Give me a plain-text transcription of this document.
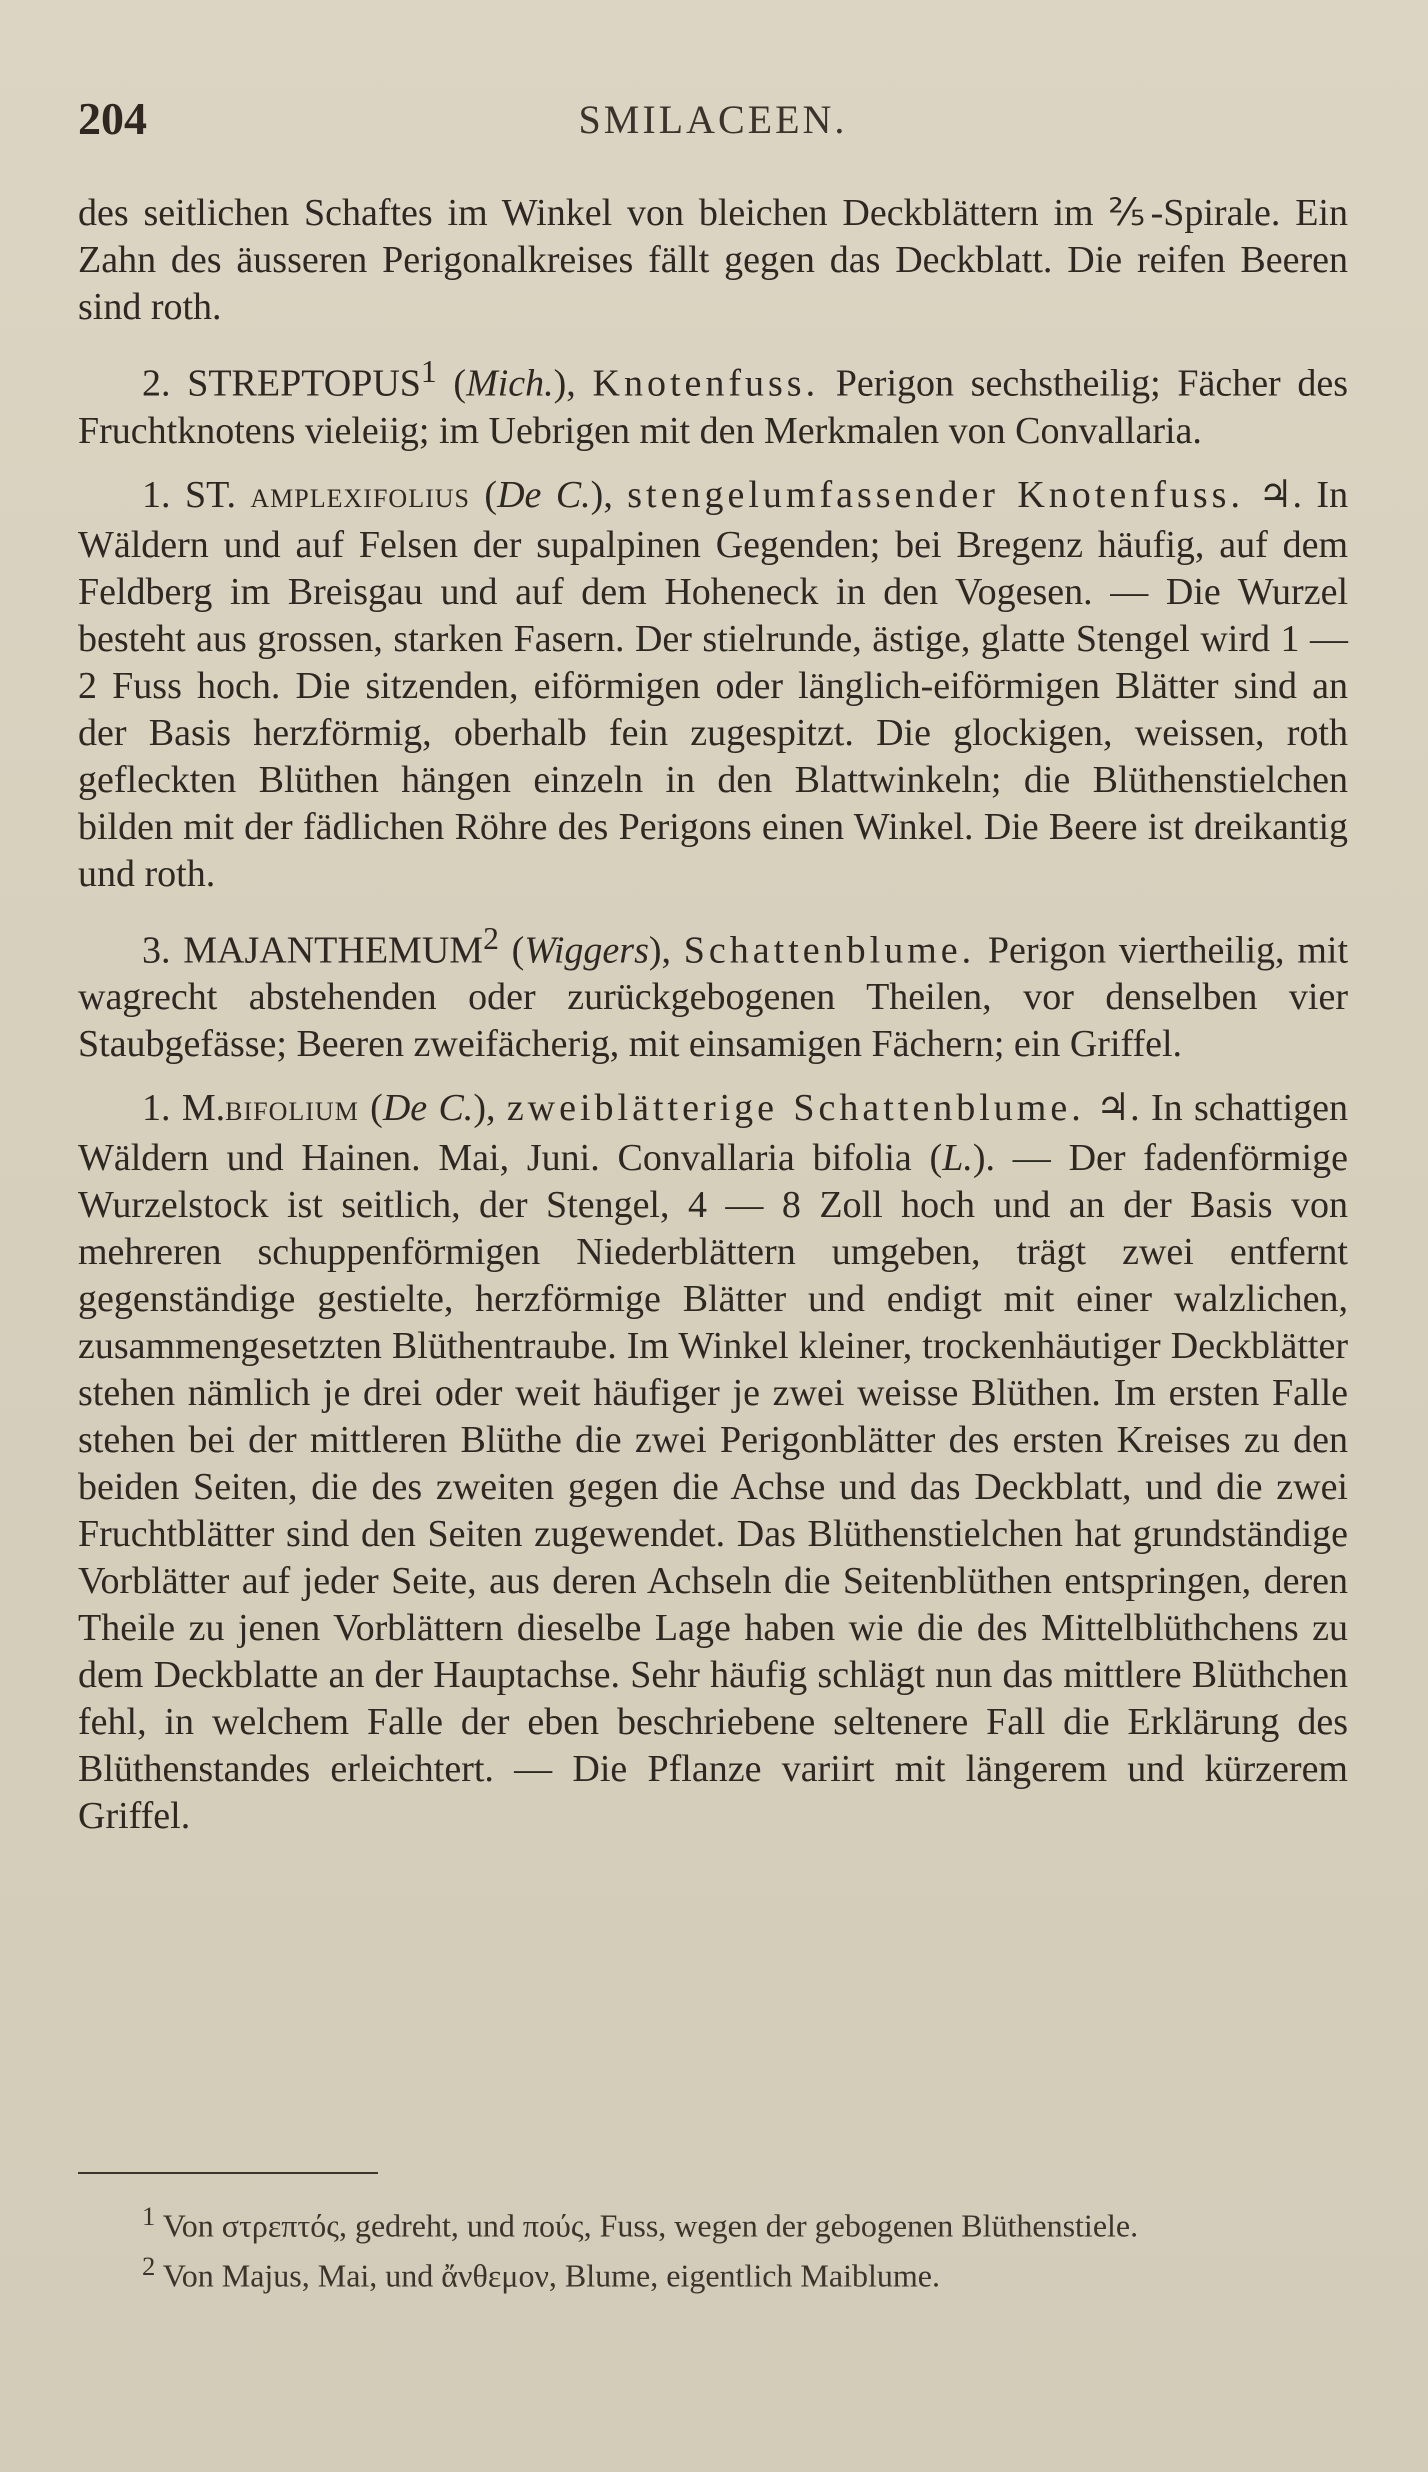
204	SMILACEEN.

des seitlichen Schaftes im Winkel von bleichen Deckblättern im ⅖-Spirale. Ein Zahn des äusseren Perigonalkreises fällt gegen das Deckblatt. Die reifen Beeren sind roth.

2. STREPTOPUS$^1$ (Mich.), Knotenfuss. Perigon sechstheilig; Fächer des Fruchtknotens vieleiig; im Uebrigen mit den Merkmalen von Convallaria.

1. ST. AMPLEXIFOLIUS (De C.), stengelumfassender Knotenfuss. ♃. In Wäldern und auf Felsen der supalpinen Gegenden; bei Bregenz häufig, auf dem Feldberg im Breisgau und auf dem Hoheneck in den Vogesen. — Die Wurzel besteht aus grossen, starken Fasern. Der stielrunde, ästige, glatte Stengel wird 1 — 2 Fuss hoch. Die sitzenden, eiförmigen oder länglich-eiförmigen Blätter sind an der Basis herzförmig, oberhalb fein zugespitzt. Die glockigen, weissen, roth gefleckten Blüthen hängen einzeln in den Blattwinkeln; die Blüthenstielchen bilden mit der fädlichen Röhre des Perigons einen Winkel. Die Beere ist dreikantig und roth.

3. MAJANTHEMUM$^2$ (Wiggers), Schattenblume. Perigon viertheilig, mit wagrecht abstehenden oder zurückgebogenen Theilen, vor denselben vier Staubgefässe; Beeren zweifächerig, mit einsamigen Fächern; ein Griffel.

1. M.BIFOLIUM (De C.), zweiblätterige Schattenblume. ♃. In schattigen Wäldern und Hainen. Mai, Juni. Convallaria bifolia (L.). — Der fadenförmige Wurzelstock ist seitlich, der Stengel, 4 — 8 Zoll hoch und an der Basis von mehreren schuppenförmigen Niederblättern umgeben, trägt zwei entfernt gegenständige gestielte, herzförmige Blätter und endigt mit einer walzlichen, zusammengesetzten Blüthentraube. Im Winkel kleiner, trockenhäutiger Deckblätter stehen nämlich je drei oder weit häufiger je zwei weisse Blüthen. Im ersten Falle stehen bei der mittleren Blüthe die zwei Perigonblätter des ersten Kreises zu den beiden Seiten, die des zweiten gegen die Achse und das Deckblatt, und die zwei Fruchtblätter sind den Seiten zugewendet. Das Blüthenstielchen hat grundständige Vorblätter auf jeder Seite, aus deren Achseln die Seitenblüthen entspringen, deren Theile zu jenen Vorblättern dieselbe Lage haben wie die des Mittelblüthchens zu dem Deckblatte an der Hauptachse. Sehr häufig schlägt nun das mittlere Blüthchen fehl, in welchem Falle der eben beschriebene seltenere Fall die Erklärung des Blüthenstandes erleichtert. — Die Pflanze variirt mit längerem und kürzerem Griffel.

$^1$ Von στρεπτός, gedreht, und πούς, Fuss, wegen der gebogenen Blüthenstiele.

$^2$ Von Majus, Mai, und ἄνθεμον, Blume, eigentlich Maiblume.
